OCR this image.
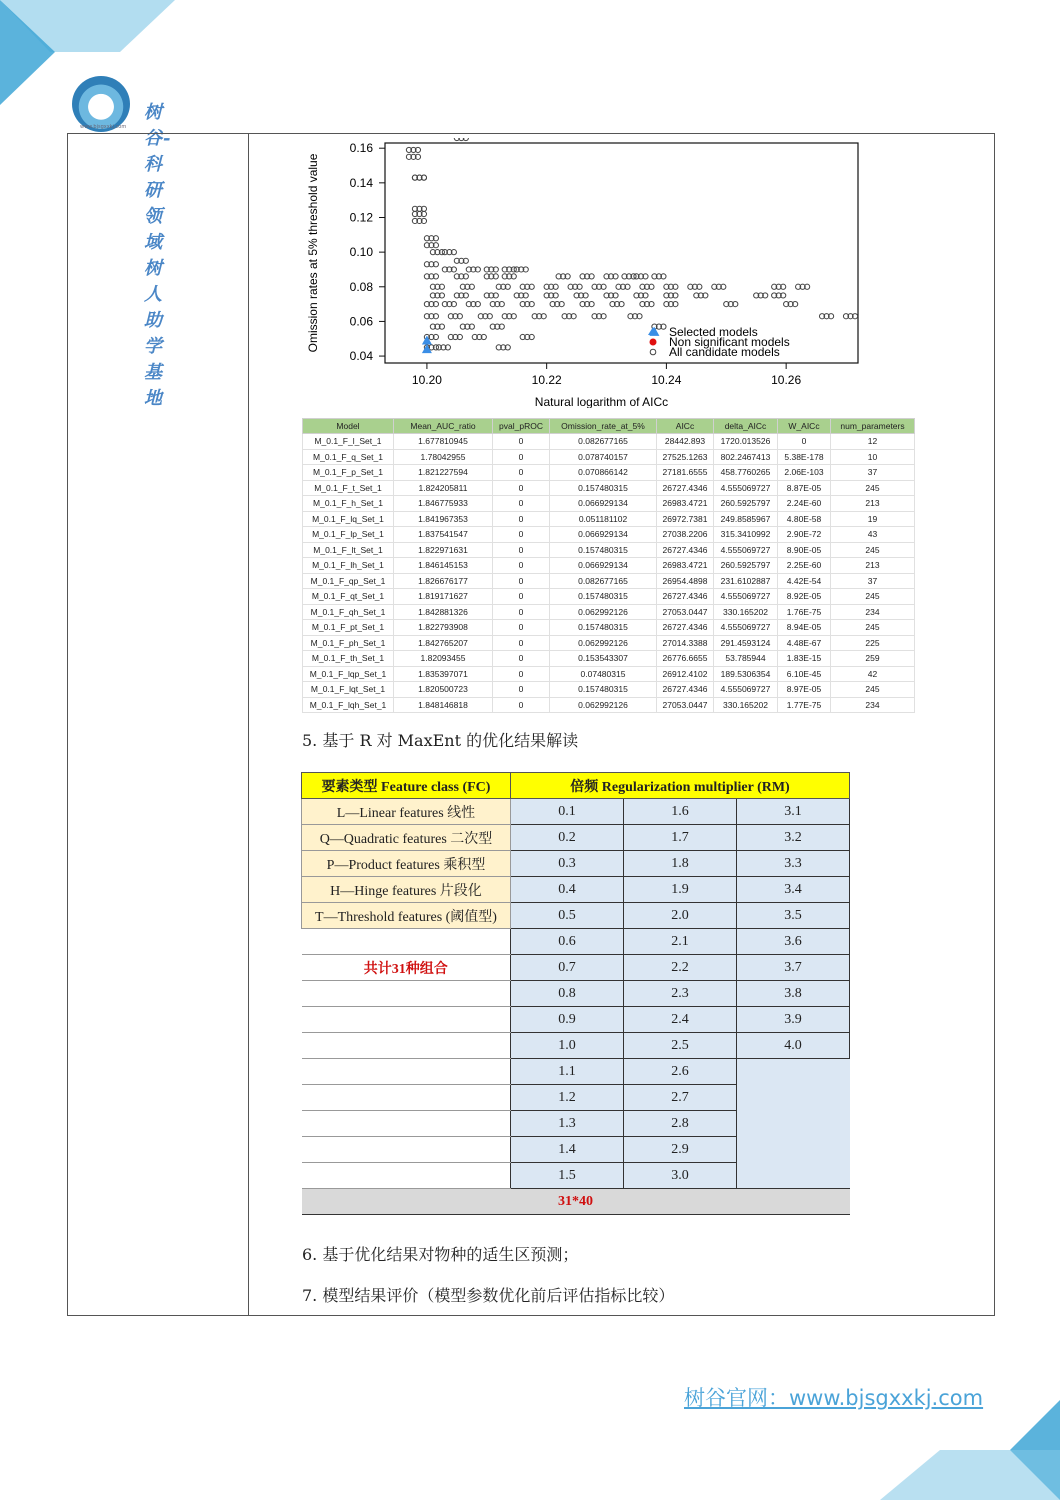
www.bjsgxxkj.com
树谷-科研领域树人助学基地
0.04
0.06
0.08
0.10
0.12
0.14
0.16
10.20	10.22	10.24	10.26
Natural logarithm of AICc
Omission rates at 5% threshold value	Selected models
Non significant models
All candidate models
Model	Mean_AUC_ratio	pval_pROC	Omission_rate_at_5%	AICc	delta_AICc	W_AICc	num_parameters
M_0.1_F_l_Set_1	1.677810945	0	0.082677165	28442.893	1720.013526	0	12
M_0.1_F_q_Set_1	1.78042955	0	0.078740157	27525.1263	802.2467413	5.38E-178	10
M_0.1_F_p_Set_1	1.821227594	0	0.070866142	27181.6555	458.7760265	2.06E-103	37
M_0.1_F_t_Set_1	1.824205811	0	0.157480315	26727.4346	4.555069727	8.87E-05	245
M_0.1_F_h_Set_1	1.846775933	0	0.066929134	26983.4721	260.5925797	2.24E-60	213
M_0.1_F_lq_Set_1	1.841967353	0	0.051181102	26972.7381	249.8585967	4.80E-58	19
M_0.1_F_lp_Set_1	1.837541547	0	0.066929134	27038.2206	315.3410992	2.90E-72	43
M_0.1_F_lt_Set_1	1.822971631	0	0.157480315	26727.4346	4.555069727	8.90E-05	245
M_0.1_F_lh_Set_1	1.846145153	0	0.066929134	26983.4721	260.5925797	2.25E-60	213
M_0.1_F_qp_Set_1	1.826676177	0	0.082677165	26954.4898	231.6102887	4.42E-54	37
M_0.1_F_qt_Set_1	1.819171627	0	0.157480315	26727.4346	4.555069727	8.92E-05	245
M_0.1_F_qh_Set_1	1.842881326	0	0.062992126	27053.0447	330.165202	1.76E-75	234
M_0.1_F_pt_Set_1	1.822793908	0	0.157480315	26727.4346	4.555069727	8.94E-05	245
M_0.1_F_ph_Set_1	1.842765207	0	0.062992126	27014.3388	291.4593124	4.48E-67	225
M_0.1_F_th_Set_1	1.82093455	0	0.153543307	26776.6655	53.785944	1.83E-15	259
M_0.1_F_lqp_Set_1	1.835397071	0	0.07480315	26912.4102	189.5306354	6.10E-45	42
M_0.1_F_lqt_Set_1	1.820500723	0	0.157480315	26727.4346	4.555069727	8.97E-05	245
M_0.1_F_lqh_Set_1	1.848146818	0	0.062992126	27053.0447	330.165202	1.77E-75	234
5. 基于 R 对 MaxEnt 的优化结果解读
要素类型 Feature class (FC)	倍频 Regularization multiplier (RM)		
L—Linear features 线性	0.1	1.6	3.1
Q—Quadratic features 二次型	0.2	1.7	3.2
P—Product features 乘积型	0.3	1.8	3.3
H—Hinge features 片段化	0.4	1.9	3.4
T—Threshold features (阈值型)	0.5	2.0	3.5
	0.6	2.1	3.6
共计31种组合	0.7	2.2	3.7
	0.8	2.3	3.8
	0.9	2.4	3.9
	1.0	2.5	4.0
	1.1	2.6	
	1.2	2.7	
	1.3	2.8	
	1.4	2.9	
	1.5	3.0	
31*40			
6. 基于优化结果对物种的适生区预测；
7. 模型结果评价（模型参数优化前后评估指标比较）
树谷官网：www.bjsgxxkj.com
